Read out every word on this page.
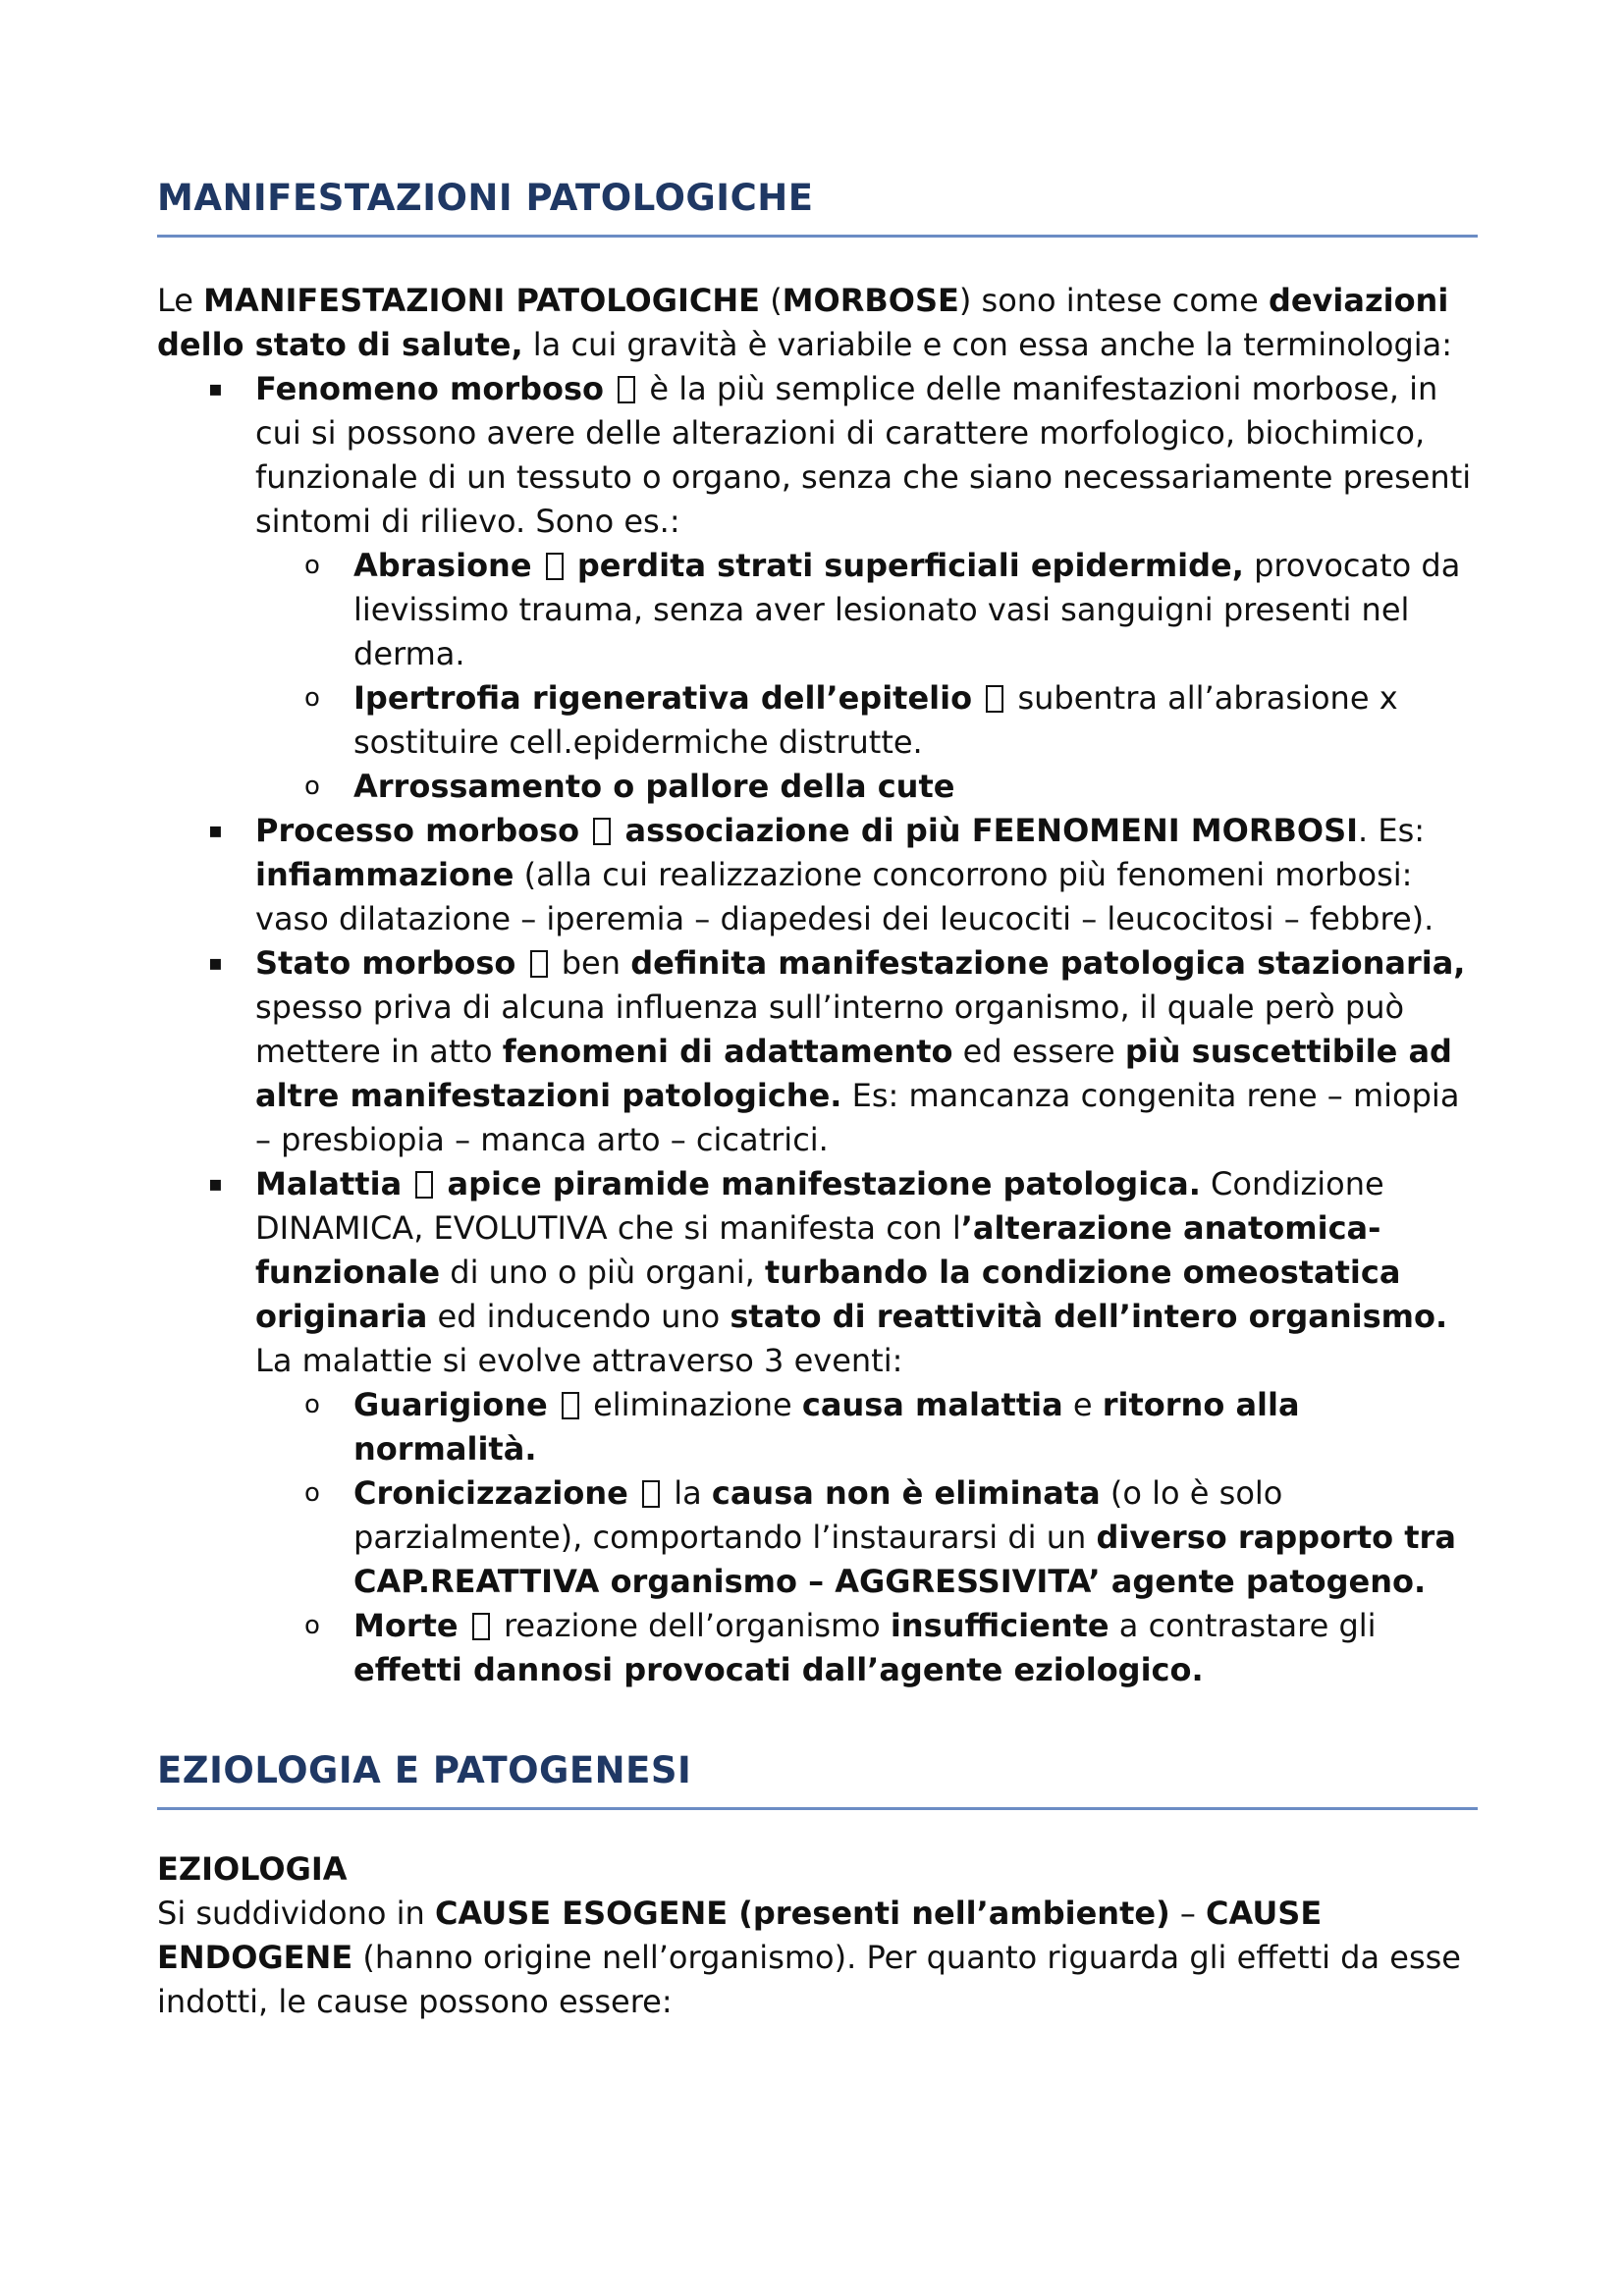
MANIFESTAZIONI PATOLOGICHE

Le MANIFESTAZIONI PATOLOGICHE (MORBOSE) sono intese come deviazioni dello stato di salute, la cui gravità è variabile e con essa anche la terminologia:

▪ Fenomeno morboso  è la più semplice delle manifestazioni morbose, in cui si possono avere delle alterazioni di carattere morfologico, biochimico, funzionale di un tessuto o organo, senza che siano necessariamente presenti sintomi di rilievo. Sono es.:
o Abrasione perdita strati superficiali epidermide, provocato da lievissimo trauma, senza aver lesionato vasi sanguigni presenti nel derma.
o Ipertrofia rigenerativa dell’epitelio  subentra all’abrasione x sostituire cell.epidermiche distrutte.
o Arrossamento o pallore della cute
▪ Processo morboso associazione di più FEENOMENI MORBOSI. Es: infiammazione (alla cui realizzazione concorrono più fenomeni morbosi: vaso dilatazione – iperemia – diapedesi dei leucociti – leucocitosi – febbre).
▪ Stato morboso  ben definita manifestazione patologica stazionaria, spesso priva di alcuna influenza sull’interno organismo, il quale però può mettere in atto fenomeni di adattamento ed essere più suscettibile ad altre manifestazioni patologiche. Es: mancanza congenita rene – miopia – presbiopia – manca arto – cicatrici.
▪ Malattia apice piramide manifestazione patologica. Condizione DINAMICA, EVOLUTIVA che si manifesta con l’alterazione anatomica-funzionale di uno o più organi, turbando la condizione omeostatica originaria ed inducendo uno stato di reattività dell’intero organismo. La malattie si evolve attraverso 3 eventi:
o Guarigione  eliminazione causa malattia e ritorno alla normalità.
o Cronicizzazione  la causa non è eliminata (o lo è solo parzialmente), comportando l’instaurarsi di un diverso rapporto tra CAP.REATTIVA organismo – AGGRESSIVITA’ agente patogeno.
o Morte  reazione dell’organismo insufficiente a contrastare gli effetti dannosi provocati dall’agente eziologico.
EZIOLOGIA E PATOGENESI

EZIOLOGIA

Si suddividono in CAUSE ESOGENE (presenti nell’ambiente) – CAUSE ENDOGENE (hanno origine nell’organismo). Per quanto riguarda gli effetti da esse indotti, le cause possono essere:
